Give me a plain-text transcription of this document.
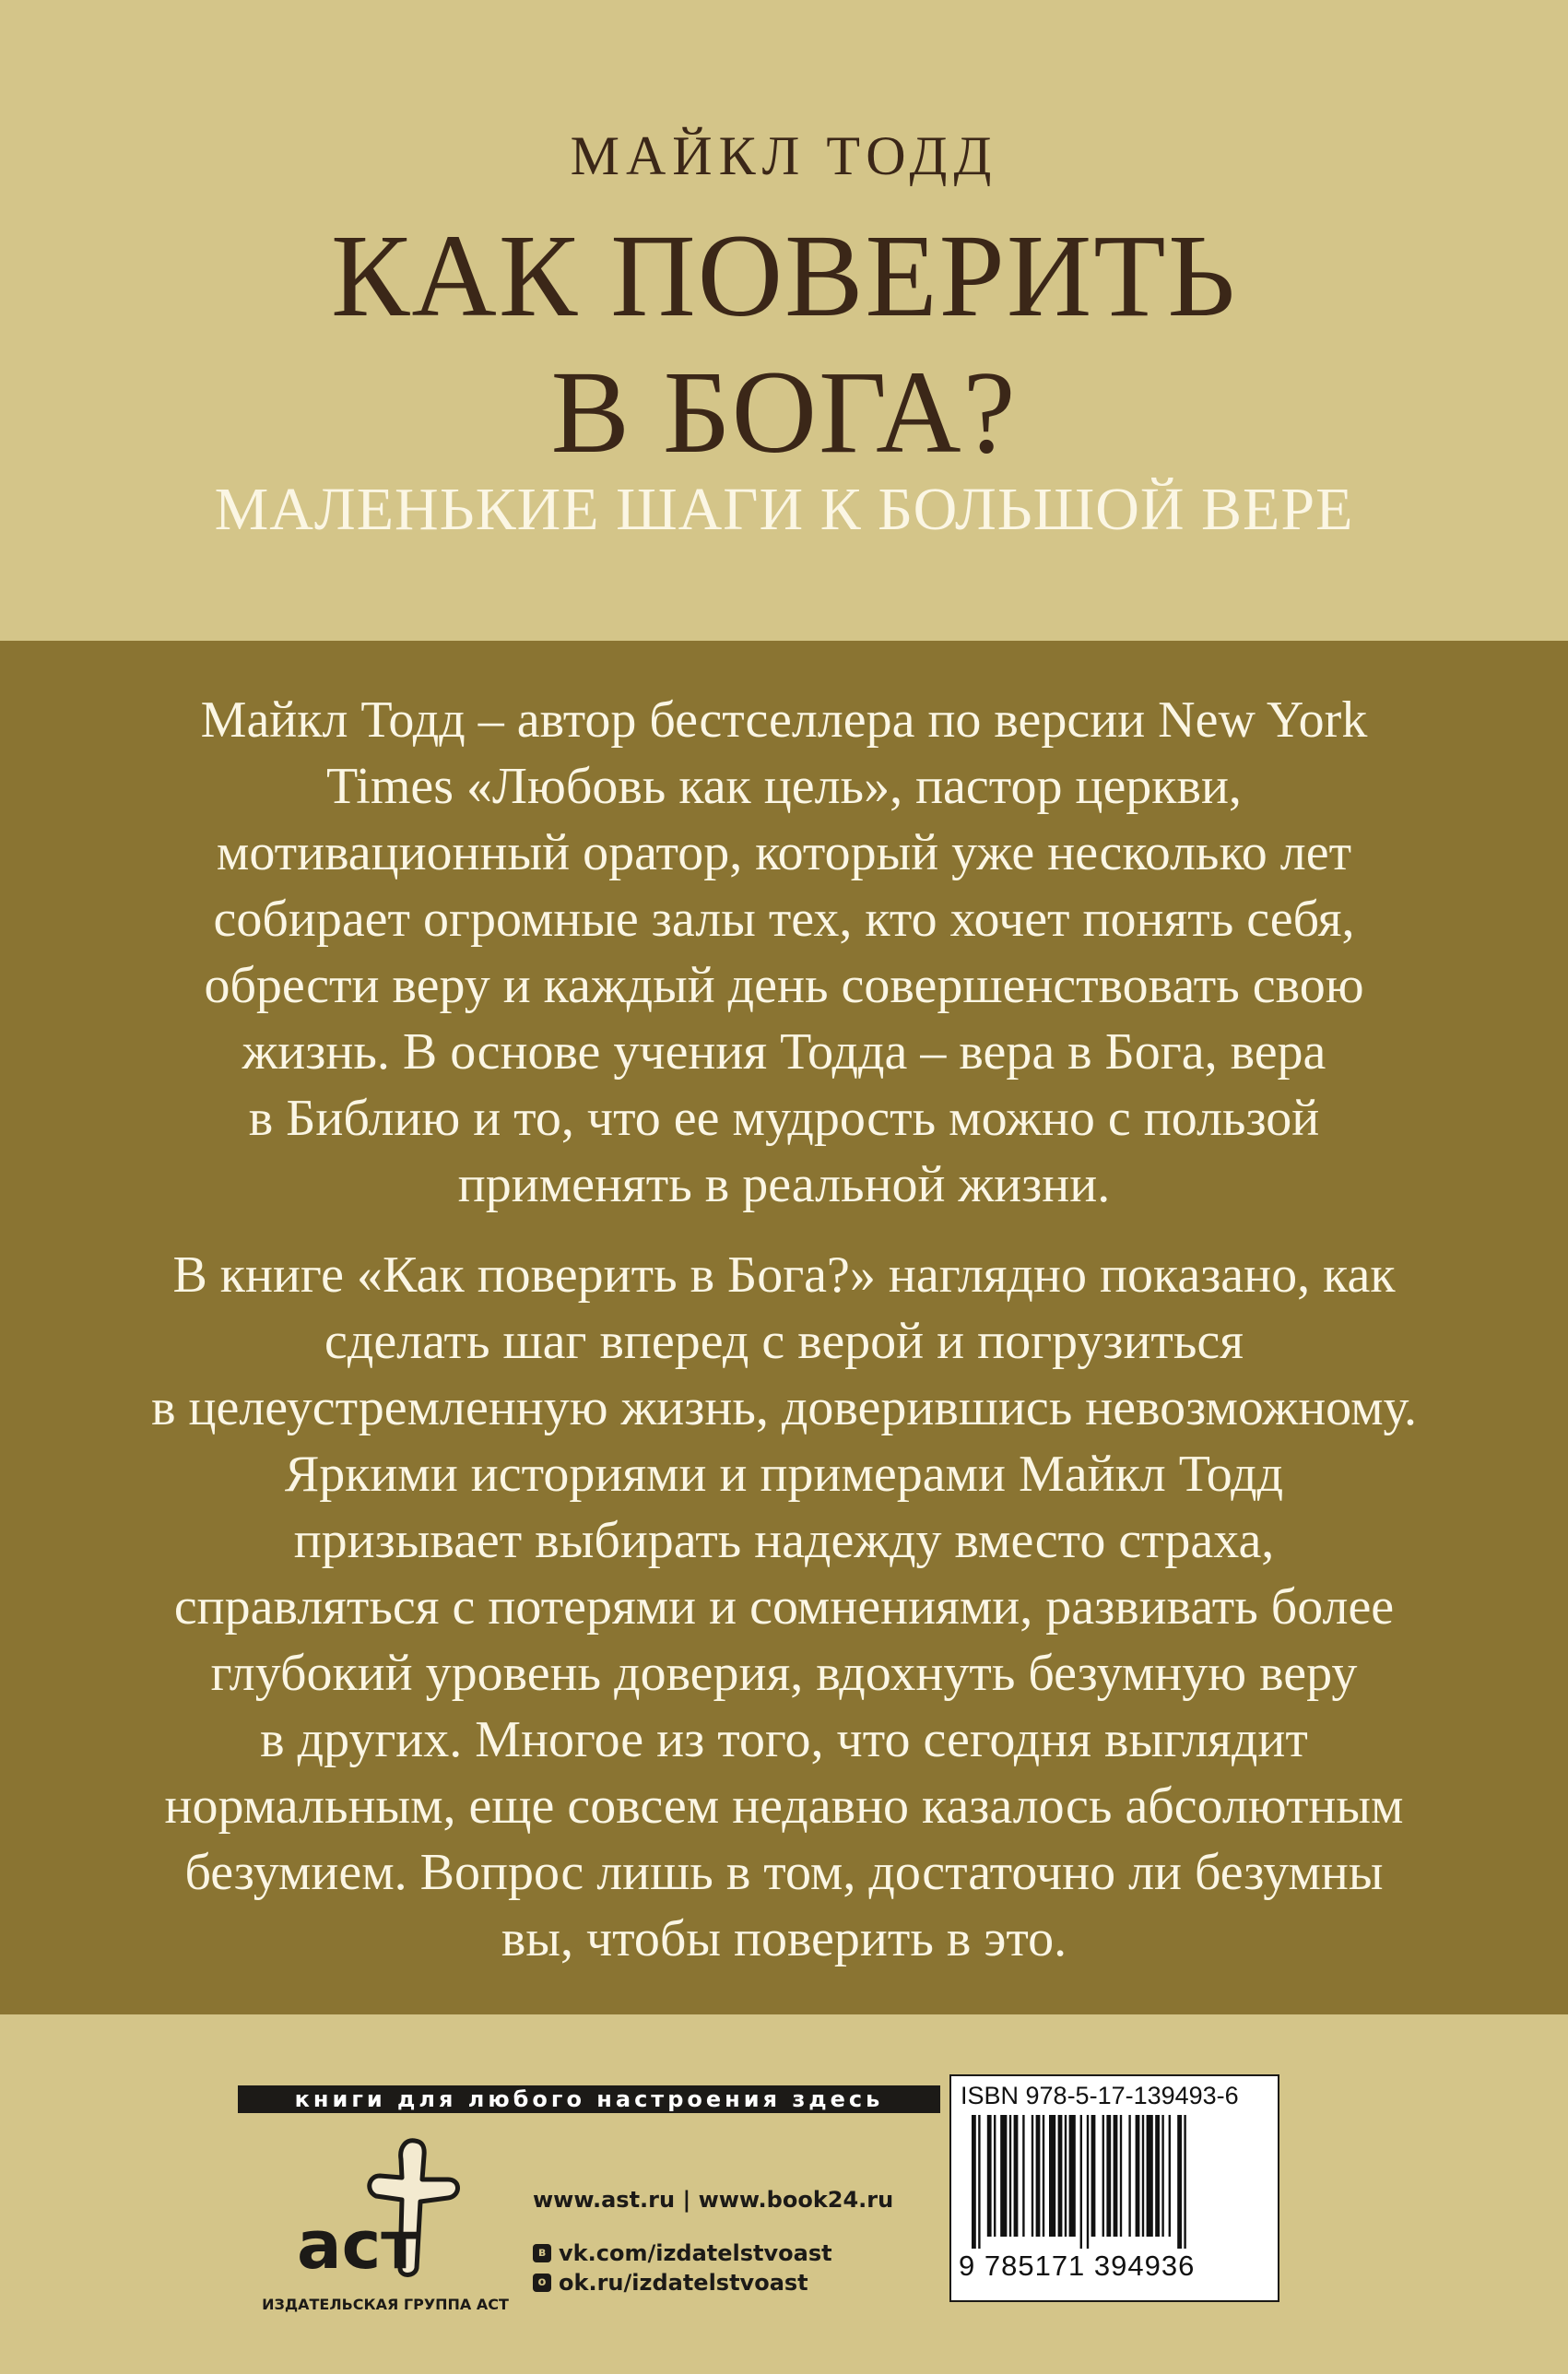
МАЙКЛ ТОДД
КАК ПОВЕРИТЬ
В БОГА?
МАЛЕНЬКИЕ ШАГИ К БОЛЬШОЙ ВЕРЕ
Майкл Тодд – автор бестселлера по версии New York
Times «Любовь как цель», пастор церкви,
мотивационный оратор, который уже несколько лет
собирает огромные залы тех, кто хочет понять себя,
обрести веру и каждый день совершенствовать свою
жизнь. В основе учения Тодда – вера в Бога, вера
в Библию и то, что ее мудрость можно с пользой
применять в реальной жизни.
В книге «Как поверить в Бога?» наглядно показано, как
сделать шаг вперед с верой и погрузиться
в целеустремленную жизнь, доверившись невозможному.
Яркими историями и примерами Майкл Тодд
призывает выбирать надежду вместо страха,
справляться с потерями и сомнениями, развивать более
глубокий уровень доверия, вдохнуть безумную веру
в других. Многое из того, что сегодня выглядит
нормальным, еще совсем недавно казалось абсолютным
безумием. Вопрос лишь в том, достаточно ли безумны
вы, чтобы поверить в это.
книги для любого настроения здесь
аст
ИЗДАТЕЛЬСКАЯ ГРУППА АСТ
www.ast.ru | www.book24.ru
в vk.com/izdatelstvoast
о ok.ru/izdatelstvoast
ISBN 978-5-17-139493-6
9 785171 394936
